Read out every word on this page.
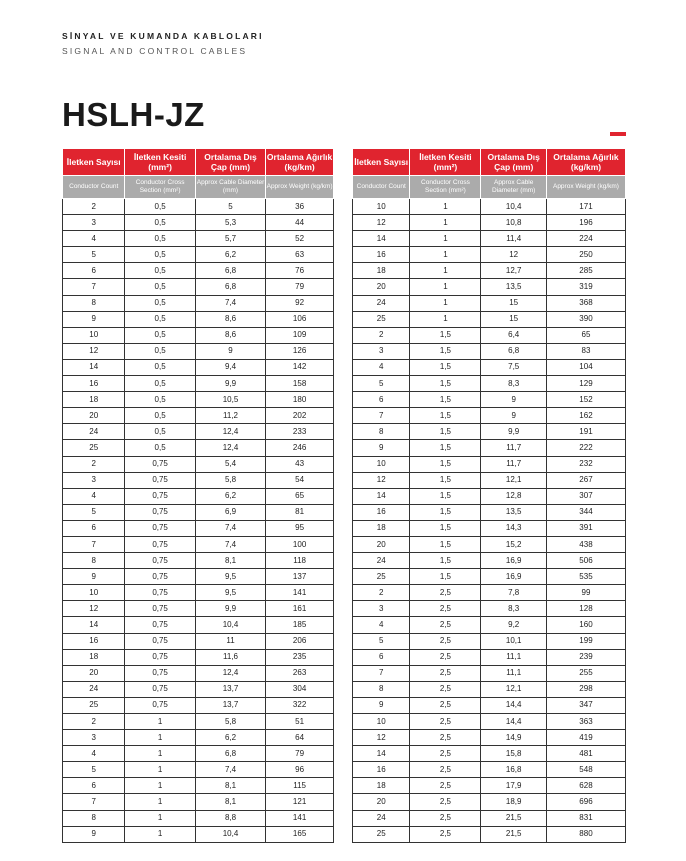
SİNYAL VE KUMANDA KABLOLARI
SIGNAL AND CONTROL CABLES
HSLH-JZ
İletken Sayısı	İletken Kesiti (mm²)	Ortalama Dış Çap (mm)	Ortalama Ağırlık (kg/km)
Conductor Count	Conductor Cross Section (mm²)	Approx Cable Diameter (mm)	Approx Weight (kg/km)
2	0,5	5	36
3	0,5	5,3	44
4	0,5	5,7	52
5	0,5	6,2	63
6	0,5	6,8	76
7	0,5	6,8	79
8	0,5	7,4	92
9	0,5	8,6	106
10	0,5	8,6	109
12	0,5	9	126
14	0,5	9,4	142
16	0,5	9,9	158
18	0,5	10,5	180
20	0,5	11,2	202
24	0,5	12,4	233
25	0,5	12,4	246
2	0,75	5,4	43
3	0,75	5,8	54
4	0,75	6,2	65
5	0,75	6,9	81
6	0,75	7,4	95
7	0,75	7,4	100
8	0,75	8,1	118
9	0,75	9,5	137
10	0,75	9,5	141
12	0,75	9,9	161
14	0,75	10,4	185
16	0,75	11	206
18	0,75	11,6	235
20	0,75	12,4	263
24	0,75	13,7	304
25	0,75	13,7	322
2	1	5,8	51
3	1	6,2	64
4	1	6,8	79
5	1	7,4	96
6	1	8,1	115
7	1	8,1	121
8	1	8,8	141
9	1	10,4	165
İletken Sayısı	İletken Kesiti (mm²)	Ortalama Dış Çap (mm)	Ortalama Ağırlık (kg/km)
Conductor Count	Conductor Cross Section (mm²)	Approx Cable Diameter (mm)	Approx Weight (kg/km)
10	1	10,4	171
12	1	10,8	196
14	1	11,4	224
16	1	12	250
18	1	12,7	285
20	1	13,5	319
24	1	15	368
25	1	15	390
2	1,5	6,4	65
3	1,5	6,8	83
4	1,5	7,5	104
5	1,5	8,3	129
6	1,5	9	152
7	1,5	9	162
8	1,5	9,9	191
9	1,5	11,7	222
10	1,5	11,7	232
12	1,5	12,1	267
14	1,5	12,8	307
16	1,5	13,5	344
18	1,5	14,3	391
20	1,5	15,2	438
24	1,5	16,9	506
25	1,5	16,9	535
2	2,5	7,8	99
3	2,5	8,3	128
4	2,5	9,2	160
5	2,5	10,1	199
6	2,5	11,1	239
7	2,5	11,1	255
8	2,5	12,1	298
9	2,5	14,4	347
10	2,5	14,4	363
12	2,5	14,9	419
14	2,5	15,8	481
16	2,5	16,8	548
18	2,5	17,9	628
20	2,5	18,9	696
24	2,5	21,5	831
25	2,5	21,5	880
